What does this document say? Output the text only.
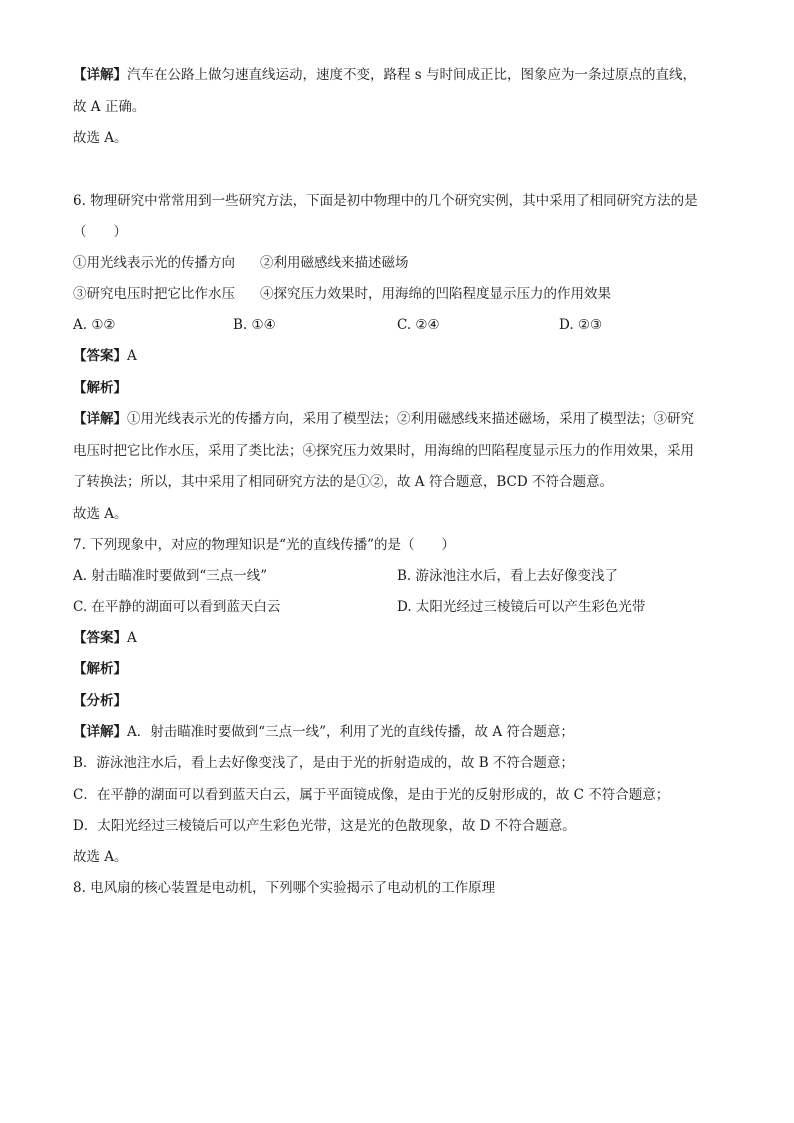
【详解】汽车在公路上做匀速直线运动，速度不变，路程 s 与时间成正比，图象应为一条过原点的直线，
故 A 正确。
故选 A。
6. 物理研究中常常用到一些研究方法，下面是初中物理中的几个研究实例，其中采用了相同研究方法的是
（　　）
①用光线表示光的传播方向 ②利用磁感线来描述磁场
③研究电压时把它比作水压 ④探究压力效果时，用海绵的凹陷程度显示压力的作用效果
A. ①②	B. ①④	C. ②④	D. ②③
【答案】A
【解析】
【详解】①用光线表示光的传播方向，采用了模型法；②利用磁感线来描述磁场，采用了模型法；③研究
电压时把它比作水压，采用了类比法；④探究压力效果时，用海绵的凹陷程度显示压力的作用效果，采用
了转换法；所以，其中采用了相同研究方法的是①②，故 A 符合题意，BCD 不符合题意。
故选 A。
7. 下列现象中，对应的物理知识是“光的直线传播”的是（　　）
A. 射击瞄准时要做到“三点一线”	B. 游泳池注水后，看上去好像变浅了
C. 在平静的湖面可以看到蓝天白云	D. 太阳光经过三棱镜后可以产生彩色光带
【答案】A
【解析】
【分析】
【详解】A．射击瞄准时要做到“三点一线”，利用了光的直线传播，故 A 符合题意；
B．游泳池注水后，看上去好像变浅了，是由于光的折射造成的，故 B 不符合题意；
C．在平静的湖面可以看到蓝天白云，属于平面镜成像，是由于光的反射形成的，故 C 不符合题意；
D．太阳光经过三棱镜后可以产生彩色光带，这是光的色散现象，故 D 不符合题意。
故选 A。
8. 电风扇的核心装置是电动机，下列哪个实验揭示了电动机的工作原理
